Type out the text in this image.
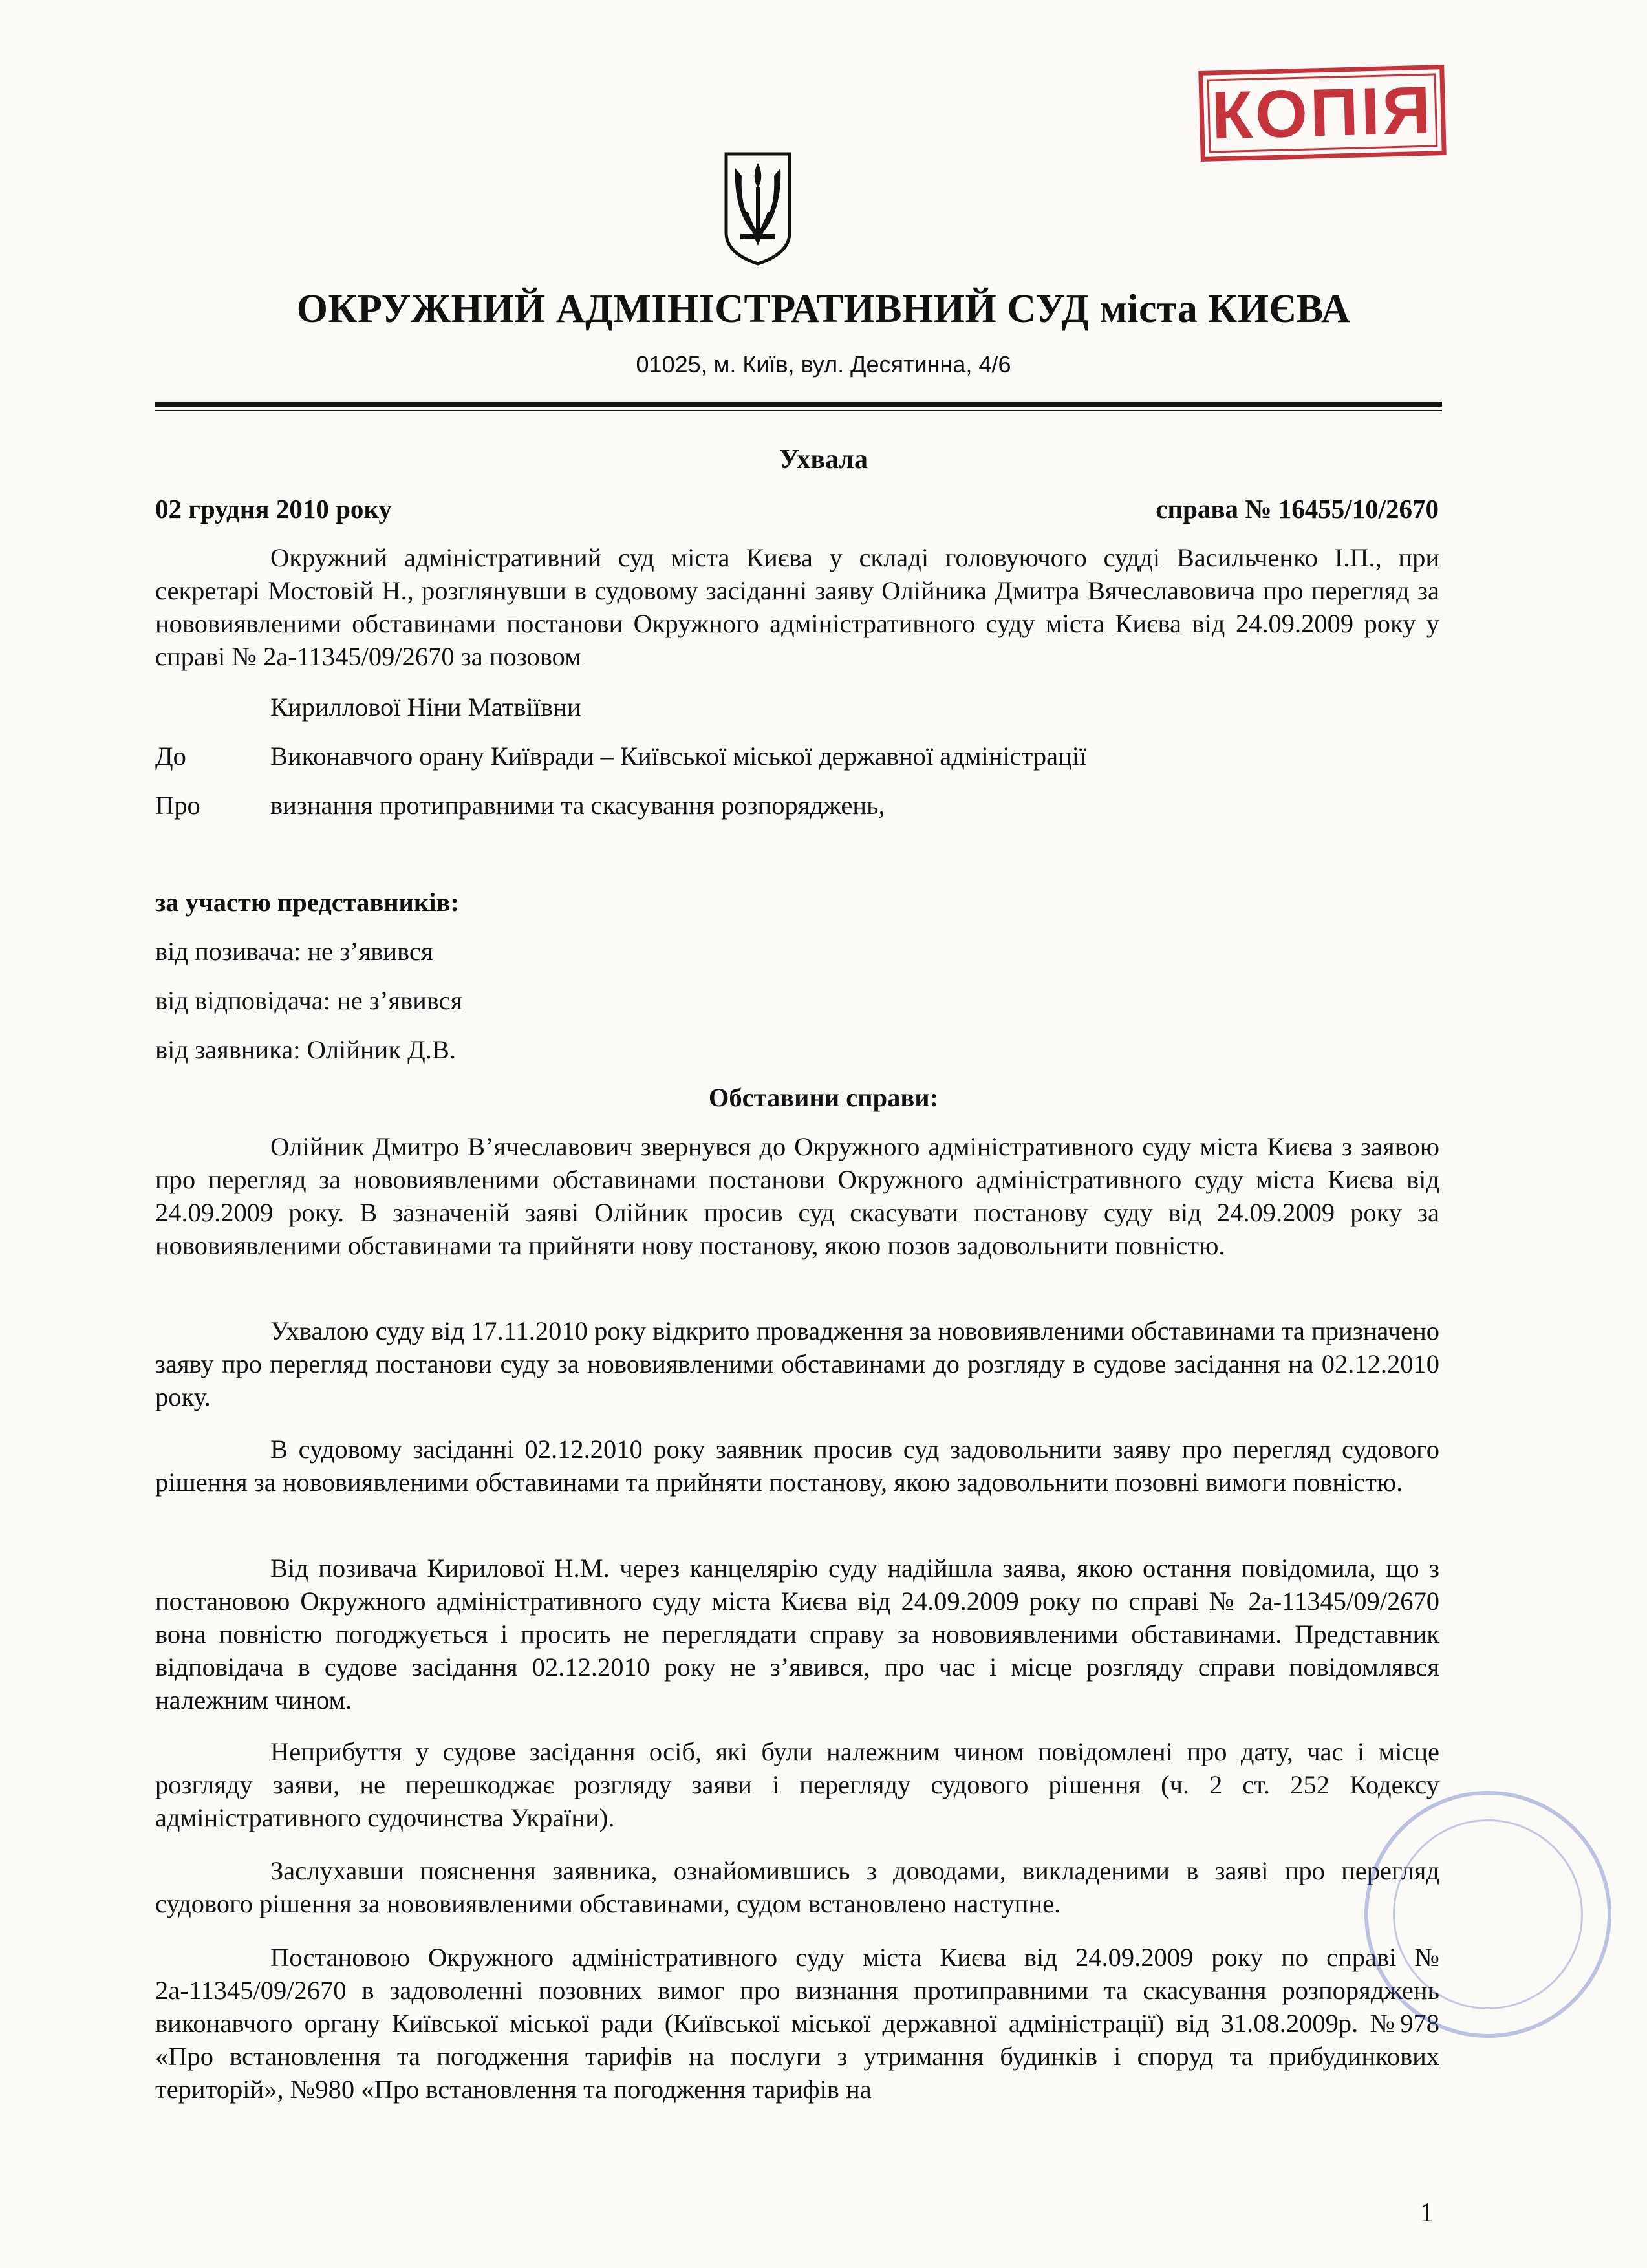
КОПІЯ
ОКРУЖНИЙ АДМІНІСТРАТИВНИЙ СУД міста КИЄВА
01025, м. Київ, вул. Десятинна, 4/6
Ухвала
02 грудня 2010 року	справа № 16455/10/2670

Окружний адміністративний суд міста Києва у складі головуючого судді Васильченко І.П., при секретарі Мостовій Н., розглянувши в судовому засіданні заяву Олійника Дмитра Вячеславовича про перегляд за нововиявленими обставинами постанови Окружного адміністративного суду міста Києва від 24.09.2009 року у справі № 2а-11345/09/2670 за позовом

Кириллової Ніни Матвіївни
До	Виконавчого орану Київради – Київської міської державної адміністрації
Про	визнання протиправними та скасування розпоряджень,
за участю представників:
від позивача: не з’явився
від відповідача: не з’явився
від заявника: Олійник Д.В.
Обставини справи:

Олійник Дмитро В’ячеславович звернувся до Окружного адміністративного суду міста Києва з заявою про перегляд за нововиявленими обставинами постанови Окружного адміністративного суду міста Києва від 24.09.2009 року. В зазначеній заяві Олійник просив суд скасувати постанову суду від 24.09.2009 року за нововиявленими обставинами та прийняти нову постанову, якою позов задовольнити повністю.

Ухвалою суду від 17.11.2010 року відкрито провадження за нововиявленими обставинами та призначено заяву про перегляд постанови суду за нововиявленими обставинами до розгляду в судове засідання на 02.12.2010 року.

В судовому засіданні 02.12.2010 року заявник просив суд задовольнити заяву про перегляд судового рішення за нововиявленими обставинами та прийняти постанову, якою задовольнити позовні вимоги повністю.

Від позивача Кирилової Н.М. через канцелярію суду надійшла заява, якою остання повідомила, що з постановою Окружного адміністративного суду міста Києва від 24.09.2009 року по справі № 2а-11345/09/2670 вона повністю погоджується і просить не переглядати справу за нововиявленими обставинами. Представник відповідача в судове засідання 02.12.2010 року не з’явився, про час і місце розгляду справи повідомлявся належним чином.

Неприбуття у судове засідання осіб, які були належним чином повідомлені про дату, час і місце розгляду заяви, не перешкоджає розгляду заяви і перегляду судового рішення (ч. 2 ст. 252 Кодексу адміністративного судочинства України).

Заслухавши пояснення заявника, ознайомившись з доводами, викладеними в заяві про перегляд судового рішення за нововиявленими обставинами, судом встановлено наступне.

Постановою Окружного адміністративного суду міста Києва від 24.09.2009 року по справі № 2а-11345/09/2670 в задоволенні позовних вимог про визнання протиправними та скасування розпоряджень виконавчого органу Київської міської ради (Київської міської державної адміністрації) від 31.08.2009р. №978 «Про встановлення та погодження тарифів на послуги з утримання будинків і споруд та прибудинкових територій», №980 «Про встановлення та погодження тарифів на

1
